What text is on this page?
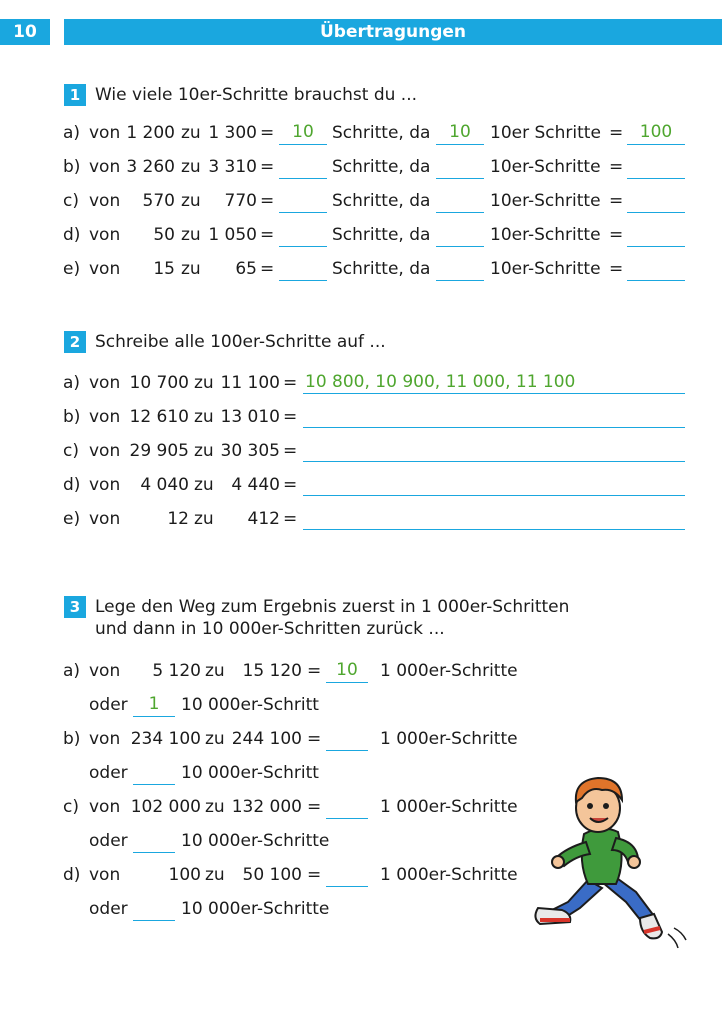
10	Übertragungen
1 Wie viele 10er-Schritte brauchst du ...
a) von 1 200 zu 1 300 =	10	Schritte, da	10	10er Schritte = 100
b) von 3 260 zu 3 310 =	Schritte, da	10er-Schritte =
c) von	570 zu	770 =	Schritte, da	10er-Schritte =
d) von	50 zu 1 050 =	Schritte, da	10er-Schritte =
e) von	15 zu	65 =	Schritte, da	10er-Schritte =
2 Schreibe alle 100er-Schritte auf ...
a) von 10 700 zu 11 100 = 10 800, 10 900, 11 000, 11 100
b) von 12 610 zu 13 010 =
c) von 29 905 zu 30 305 =
d) von	4 040 zu	4 440 =
e) von	12 zu	412 =
3 Lege den Weg zum Ergebnis zuerst in 1 000er-Schritten
und dann in 10 000er-Schritten zurück ...
a) von	5 120 zu	15 120 = 10	1 000er-Schritte
oder	1	10 000er-Schritt
b) von 234 100 zu 244 100 =	1 000er-Schritte
oder	10 000er-Schritt
c) von 102 000 zu 132 000 =	1 000er-Schritte
oder	10 000er-Schritte
d) von	100 zu	50 100 =	1 000er-Schritte
oder	10 000er-Schritte
